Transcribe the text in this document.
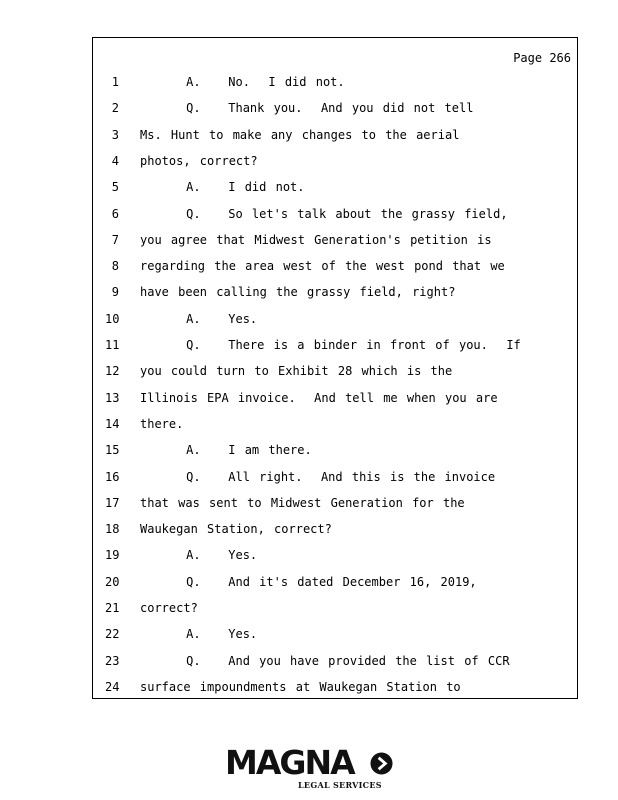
Page 266
1 A.   No.  I did not.
2 Q.   Thank you.  And you did not tell
3 Ms. Hunt to make any changes to the aerial
4 photos, correct?
5 A.   I did not.
6 Q.   So let's talk about the grassy field,
7 you agree that Midwest Generation's petition is
8 regarding the area west of the west pond that we
9 have been calling the grassy field, right?
10 A.   Yes.
11 Q.   There is a binder in front of you.  If
12 you could turn to Exhibit 28 which is the
13 Illinois EPA invoice.  And tell me when you are
14 there.
15 A.   I am there.
16 Q.   All right.  And this is the invoice
17 that was sent to Midwest Generation for the
18 Waukegan Station, correct?
19 A.   Yes.
20 Q.   And it's dated December 16, 2019,
21 correct?
22 A.   Yes.
23 Q.   And you have provided the list of CCR
24 surface impoundments at Waukegan Station to
MAGNA
LEGAL SERVICES
